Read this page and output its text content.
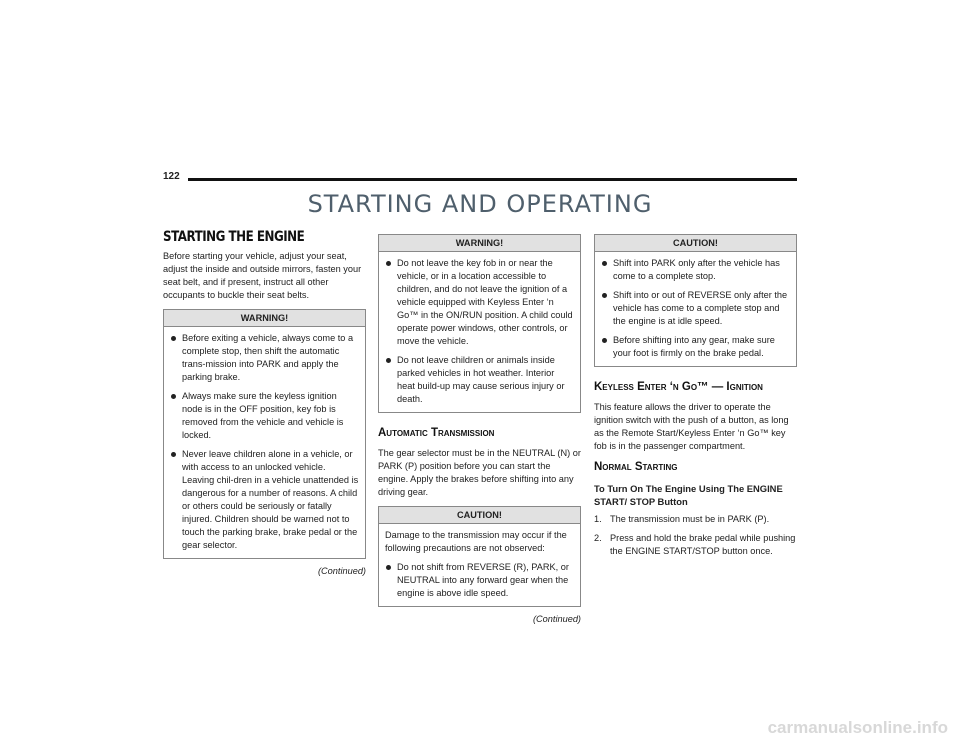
122
STARTING AND OPERATING
STARTING THE ENGINE

Before starting your vehicle, adjust your seat, adjust the inside and outside mirrors, fasten your seat belt, and if present, instruct all other occupants to buckle their seat belts.

WARNING!
Before exiting a vehicle, always come to a complete stop, then shift the automatic trans-mission into PARK and apply the parking brake.
Always make sure the keyless ignition node is in the OFF position, key fob is removed from the vehicle and vehicle is locked.
Never leave children alone in a vehicle, or with access to an unlocked vehicle. Leaving chil-dren in a vehicle unattended is dangerous for a number of reasons. A child or others could be seriously or fatally injured. Children should be warned not to touch the parking brake, brake pedal or the gear selector.
(Continued)
WARNING!
Do not leave the key fob in or near the vehicle, or in a location accessible to children, and do not leave the ignition of a vehicle equipped with Keyless Enter ‘n Go™ in the ON/RUN position. A child could operate power windows, other controls, or move the vehicle.
Do not leave children or animals inside parked vehicles in hot weather. Interior heat build-up may cause serious injury or death.
Automatic Transmission

The gear selector must be in the NEUTRAL (N) or PARK (P) position before you can start the engine. Apply the brakes before shifting into any driving gear.

CAUTION!
Damage to the transmission may occur if the following precautions are not observed:
Do not shift from REVERSE (R), PARK, or NEUTRAL into any forward gear when the engine is above idle speed.
(Continued)
CAUTION!
Shift into PARK only after the vehicle has come to a complete stop.
Shift into or out of REVERSE only after the vehicle has come to a complete stop and the engine is at idle speed.
Before shifting into any gear, make sure your foot is firmly on the brake pedal.
Keyless Enter ‘n Go™ — Ignition

This feature allows the driver to operate the ignition switch with the push of a button, as long as the Remote Start/Keyless Enter ‘n Go™ key fob is in the passenger compartment.

Normal Starting
To Turn On The Engine Using The ENGINE START/ STOP Button
1. The transmission must be in PARK (P).
2. Press and hold the brake pedal while pushing the ENGINE START/STOP button once.
carmanualsonline.info
